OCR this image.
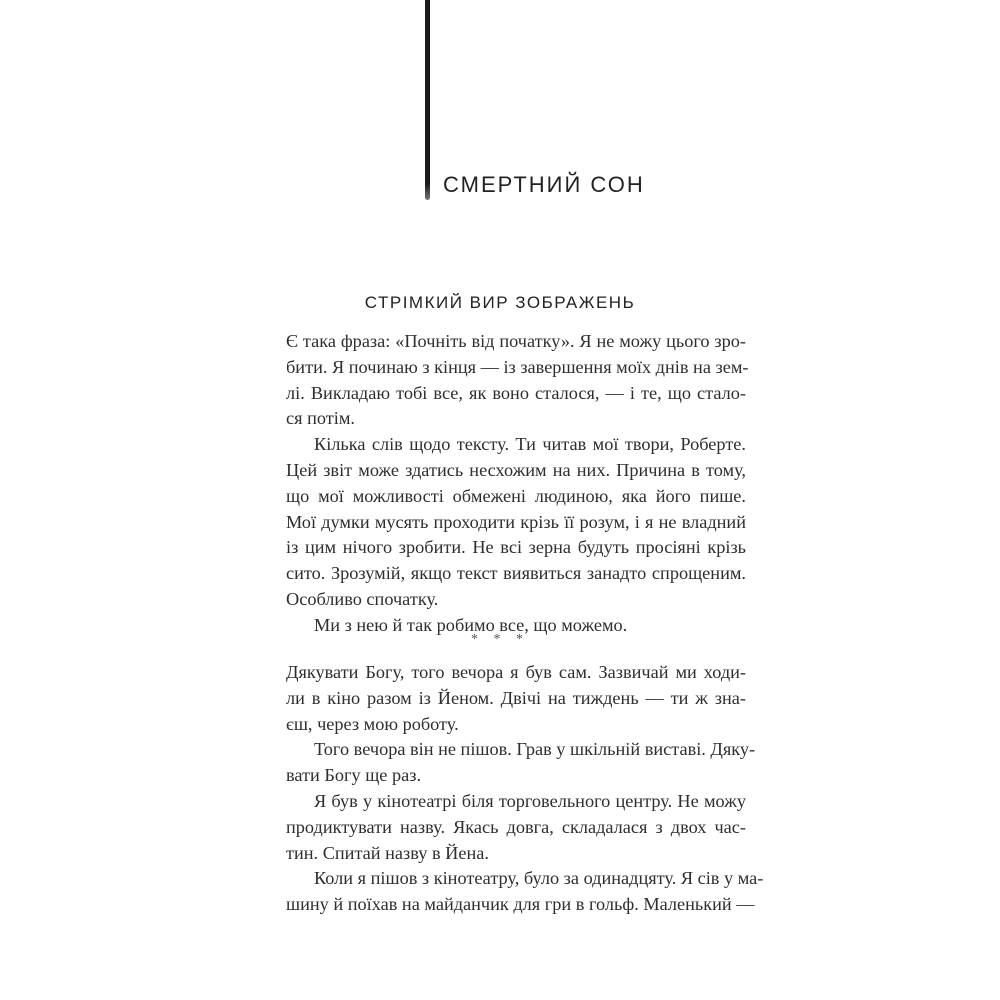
СМЕРТНИЙ СОН
СТРІМКИЙ ВИР ЗОБРАЖЕНЬ
Є така фраза: «Почніть від початку». Я не можу цього зро-
бити. Я починаю з кінця — із завершення моїх днів на зем-
лі. Викладаю тобі все, як воно сталося, — і те, що стало-
ся потім.
Кілька слів щодо тексту. Ти читав мої твори, Роберте.
Цей звіт може здатись несхожим на них. Причина в тому,
що мої можливості обмежені людиною, яка його пише.
Мої думки мусять проходити крізь її розум, і я не владний
із цим нічого зробити. Не всі зерна будуть просіяні крізь
сито. Зрозумій, якщо текст виявиться занадто спрощеним.
Особливо спочатку.
Ми з нею й так робимо все, що можемо.
* * *
Дякувати Богу, того вечора я був сам. Зазвичай ми ходи-
ли в кіно разом із Йеном. Двічі на тиждень — ти ж зна-
єш, через мою роботу.
Того вечора він не пішов. Грав у шкільній виставі. Дяку-
вати Богу ще раз.
Я був у кінотеатрі біля торговельного центру. Не можу
продиктувати назву. Якась довга, складалася з двох час-
тин. Спитай назву в Йена.
Коли я пішов з кінотеатру, було за одинадцяту. Я сів у ма-
шину й поїхав на майданчик для гри в гольф. Маленький —
